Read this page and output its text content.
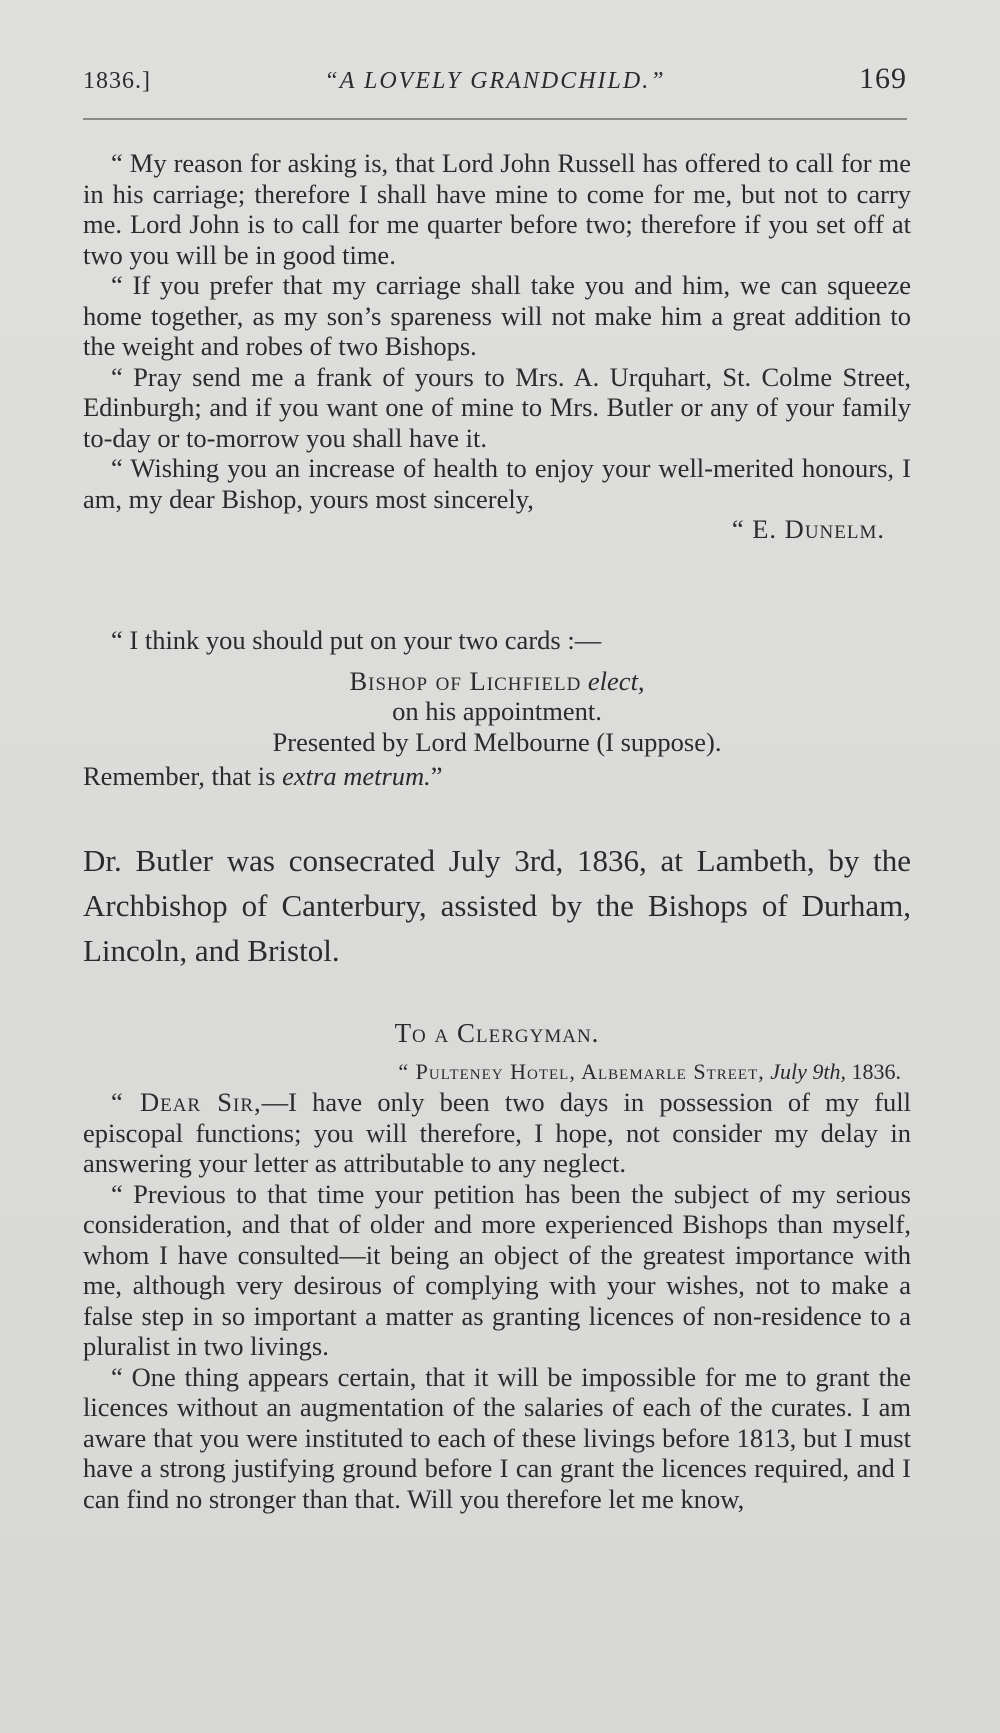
1836.]	“A LOVELY GRANDCHILD.”	169

“ My reason for asking is, that Lord John Russell has offered to call for me in his carriage; therefore I shall have mine to come for me, but not to carry me. Lord John is to call for me quarter before two; therefore if you set off at two you will be in good time.

“ If you prefer that my carriage shall take you and him, we can squeeze home together, as my son’s spareness will not make him a great addition to the weight and robes of two Bishops.

“ Pray send me a frank of yours to Mrs. A. Urquhart, St. Colme Street, Edinburgh; and if you want one of mine to Mrs. Butler or any of your family to-day or to-morrow you shall have it.

“ Wishing you an increase of health to enjoy your well-merited honours, I am, my dear Bishop, yours most sincerely,

“ E. Dunelm.

“ I think you should put on your two cards :—

Bishop of Lichfield elect,
on his appointment.
Presented by Lord Melbourne (I suppose).
Remember, that is extra metrum.”

Dr. Butler was consecrated July 3rd, 1836, at Lambeth, by the Archbishop of Canterbury, assisted by the Bishops of Durham, Lincoln, and Bristol.

To a Clergyman.
“ Pulteney Hotel, Albemarle Street, July 9th, 1836.

“ Dear Sir,—I have only been two days in possession of my full episcopal functions; you will therefore, I hope, not consider my delay in answering your letter as attributable to any neglect.

“ Previous to that time your petition has been the subject of my serious consideration, and that of older and more experienced Bishops than myself, whom I have consulted—it being an object of the greatest importance with me, although very desirous of complying with your wishes, not to make a false step in so important a matter as granting licences of non-residence to a pluralist in two livings.

“ One thing appears certain, that it will be impossible for me to grant the licences without an augmentation of the salaries of each of the curates. I am aware that you were instituted to each of these livings before 1813, but I must have a strong justifying ground before I can grant the licences required, and I can find no stronger than that. Will you therefore let me know,
